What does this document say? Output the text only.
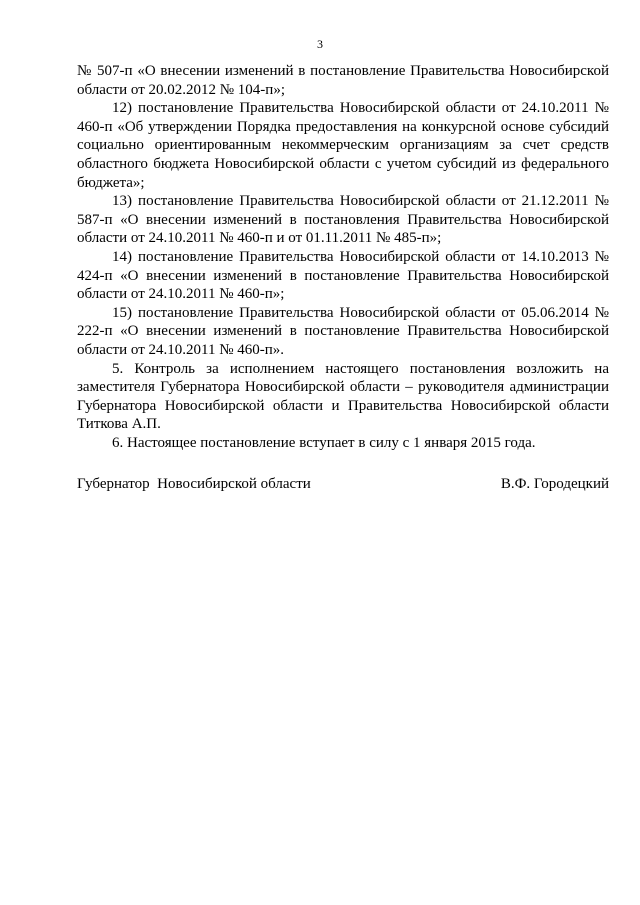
3

№ 507-п «О внесении изменений в постановление Правительства Новосибирской области от 20.02.2012 № 104-п»;

12) постановление Правительства Новосибирской области от 24.10.2011 № 460-п «Об утверждении Порядка предоставления на конкурсной основе субсидий социально ориентированным некоммерческим организациям за счет средств областного бюджета Новосибирской области с учетом субсидий из федерального бюджета»;

13) постановление Правительства Новосибирской области от 21.12.2011 № 587-п «О внесении изменений в постановления Правительства Новосибирской области от 24.10.2011 № 460-п и от 01.11.2011 № 485-п»;

14) постановление Правительства Новосибирской области от 14.10.2013 № 424-п «О внесении изменений в постановление Правительства Новосибирской области от 24.10.2011 № 460-п»;

15) постановление Правительства Новосибирской области от 05.06.2014 № 222-п «О внесении изменений в постановление Правительства Новосибирской области от 24.10.2011 № 460-п».

5. Контроль за исполнением настоящего постановления возложить на заместителя Губернатора Новосибирской области – руководителя администрации Губернатора Новосибирской области и Правительства Новосибирской области Титкова А.П.

6. Настоящее постановление вступает в силу с 1 января 2015 года.

Губернатор  Новосибирской области	В.Ф. Городецкий
